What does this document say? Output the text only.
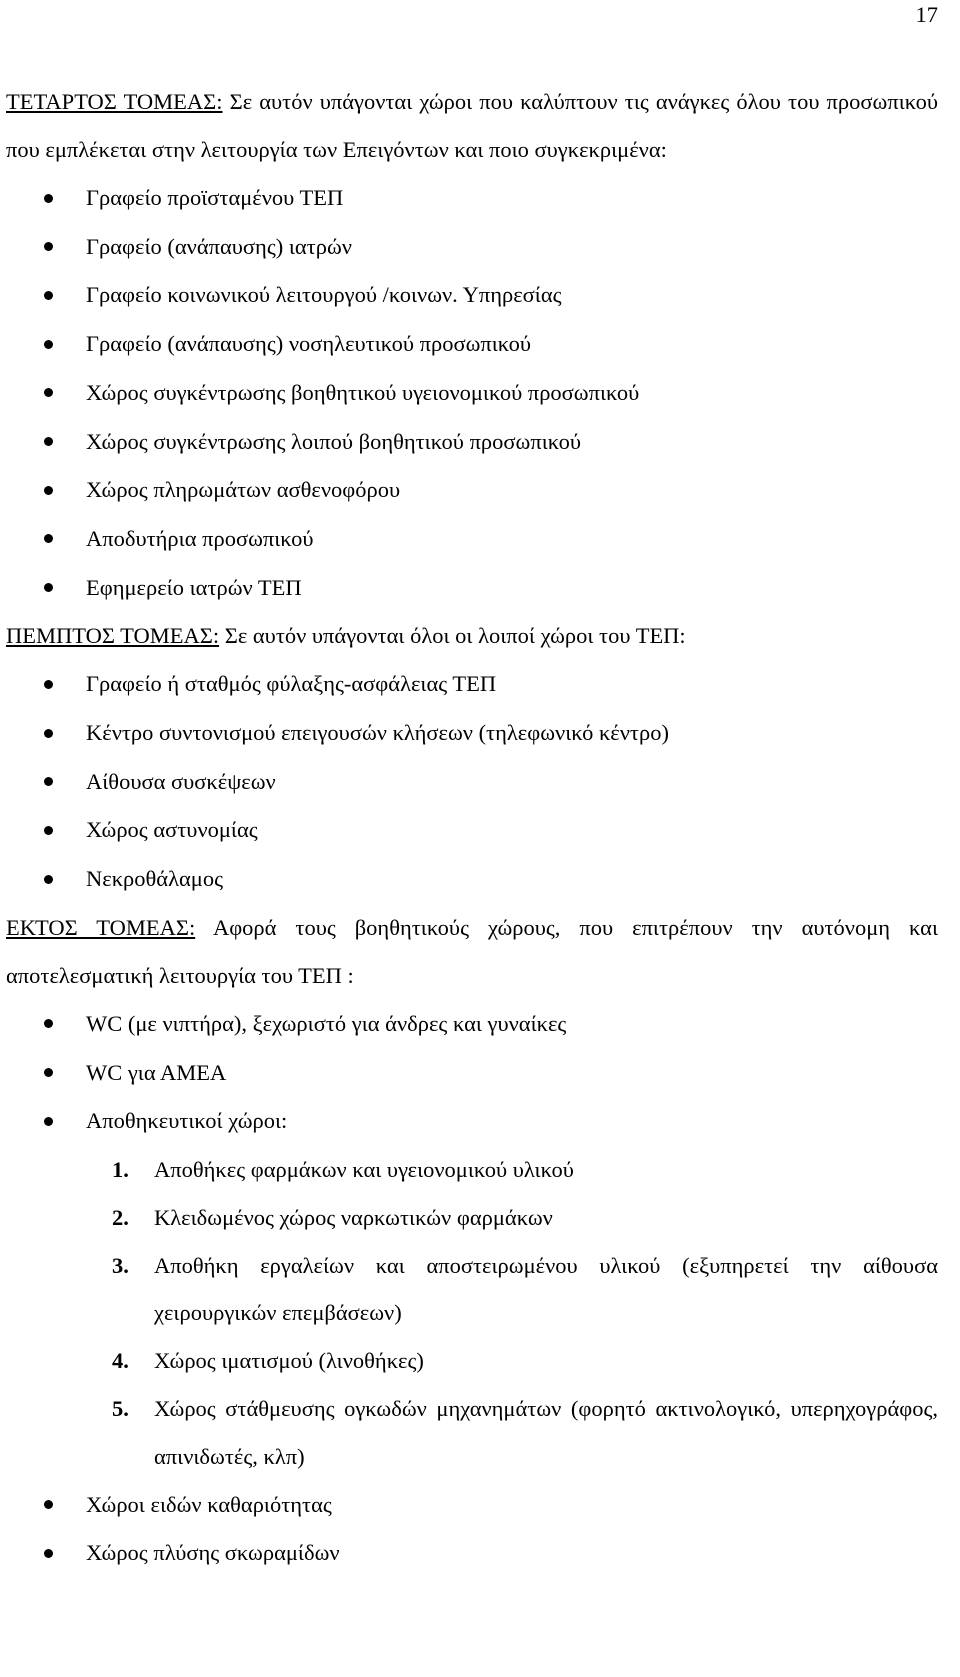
17

ΤΕΤΑΡΤΟΣ ΤΟΜΕΑΣ: Σε αυτόν υπάγονται χώροι που καλύπτουν τις ανάγκες όλου του προσωπικού που εμπλέκεται στην λειτουργία των Επειγόντων και ποιο συγκεκριμένα:

Γραφείο προϊσταμένου ΤΕΠ
Γραφείο (ανάπαυσης) ιατρών
Γραφείο κοινωνικού λειτουργού /κοινων. Υπηρεσίας
Γραφείο (ανάπαυσης) νοσηλευτικού προσωπικού
Χώρος συγκέντρωσης βοηθητικού υγειονομικού προσωπικού
Χώρος συγκέντρωσης λοιπού βοηθητικού προσωπικού
Χώρος πληρωμάτων ασθενοφόρου
Αποδυτήρια προσωπικού
Εφημερείο ιατρών ΤΕΠ

ΠΕΜΠΤΟΣ ΤΟΜΕΑΣ: Σε αυτόν υπάγονται όλοι οι λοιποί χώροι του ΤΕΠ:

Γραφείο ή σταθμός φύλαξης-ασφάλειας ΤΕΠ
Κέντρο συντονισμού επειγουσών κλήσεων (τηλεφωνικό κέντρο)
Αίθουσα συσκέψεων
Χώρος αστυνομίας
Νεκροθάλαμος

ΕΚΤΟΣ ΤΟΜΕΑΣ: Αφορά τους βοηθητικούς χώρους, που επιτρέπουν την αυτόνομη και αποτελεσματική λειτουργία του ΤΕΠ :

WC (με νιπτήρα), ξεχωριστό για άνδρες και γυναίκες
WC για ΑΜΕΑ
Αποθηκευτικοί χώροι:
1. Αποθήκες φαρμάκων και υγειονομικού υλικού
2. Κλειδωμένος χώρος ναρκωτικών φαρμάκων
3. Αποθήκη εργαλείων και αποστειρωμένου υλικού (εξυπηρετεί την αίθουσα χειρουργικών επεμβάσεων)
4. Χώρος ιματισμού (λινοθήκες)
5. Χώρος στάθμευσης ογκωδών μηχανημάτων (φορητό ακτινολογικό, υπερηχογράφος, απινιδωτές, κλπ)
Χώροι ειδών καθαριότητας
Χώρος πλύσης σκωραμίδων
